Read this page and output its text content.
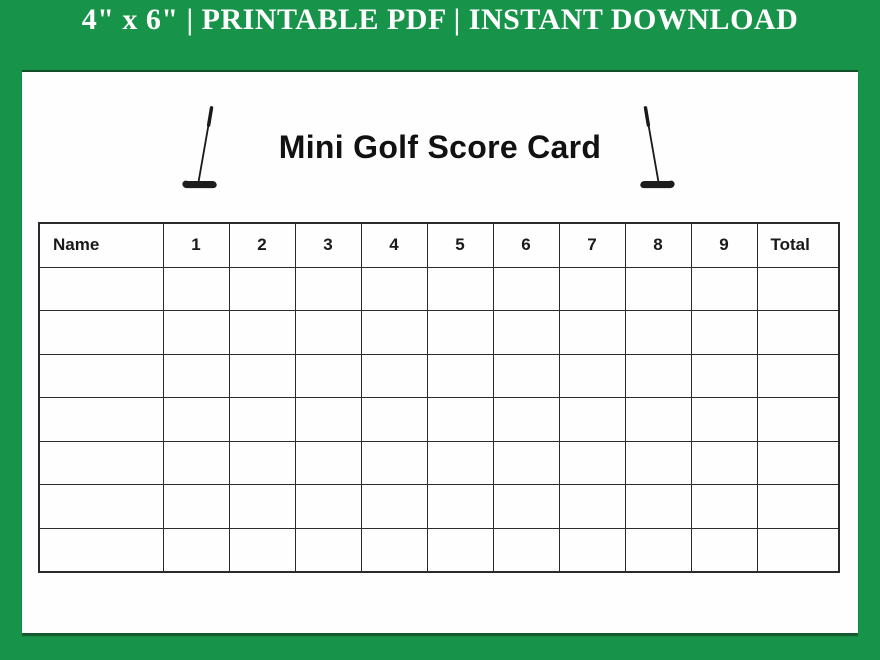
4" x 6" | PRINTABLE PDF | INSTANT DOWNLOAD
Mini Golf Score Card
Name	1	2	3	4	5	6	7	8	9	Total
